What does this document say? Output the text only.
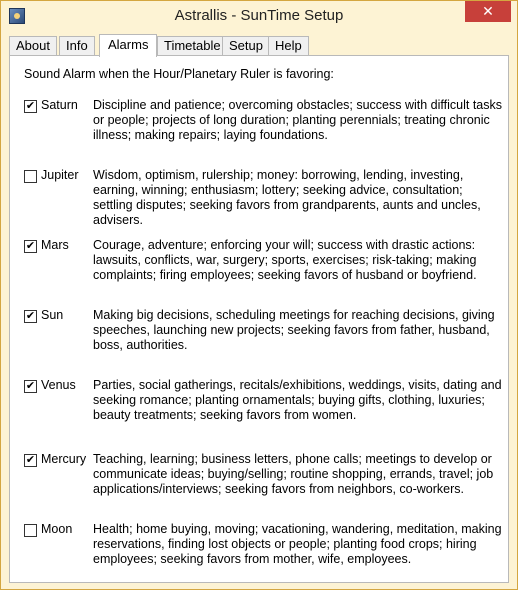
Astrallis - SunTime Setup	✕
About	Info	Alarms	Timetable Setup Help
Sound Alarm when the Hour/Planetary Ruler is favoring:
✔ Saturn Discipline and patience; overcoming obstacles; success with difficult tasks or people; projects of long duration; planting perennials; treating chronic illness; making repairs; laying foundations.
Jupiter Wisdom, optimism, rulership; money: borrowing, lending, investing, earning, winning; enthusiasm; lottery; seeking advice, consultation; settling disputes; seeking favors from grandparents, aunts and uncles, advisers.
✔ Mars Courage, adventure; enforcing your will; success with drastic actions: lawsuits, conflicts, war, surgery; sports, exercises; risk-taking; making complaints; firing employees; seeking favors of husband or boyfriend.
✔ Sun Making big decisions, scheduling meetings for reaching decisions, giving speeches, launching new projects; seeking favors from father, husband, boss, authorities.
✔ Venus Parties, social gatherings, recitals/exhibitions, weddings, visits, dating and seeking romance; planting ornamentals; buying gifts, clothing, luxuries; beauty treatments; seeking favors from women.
✔ Mercury Teaching, learning; business letters, phone calls; meetings to develop or communicate ideas; buying/selling; routine shopping, errands, travel; job applications/interviews; seeking favors from neighbors, co-workers.
Moon Health; home buying, moving; vacationing, wandering, meditation, making reservations, finding lost objects or people; planting food crops; hiring employees; seeking favors from mother, wife, employees.
